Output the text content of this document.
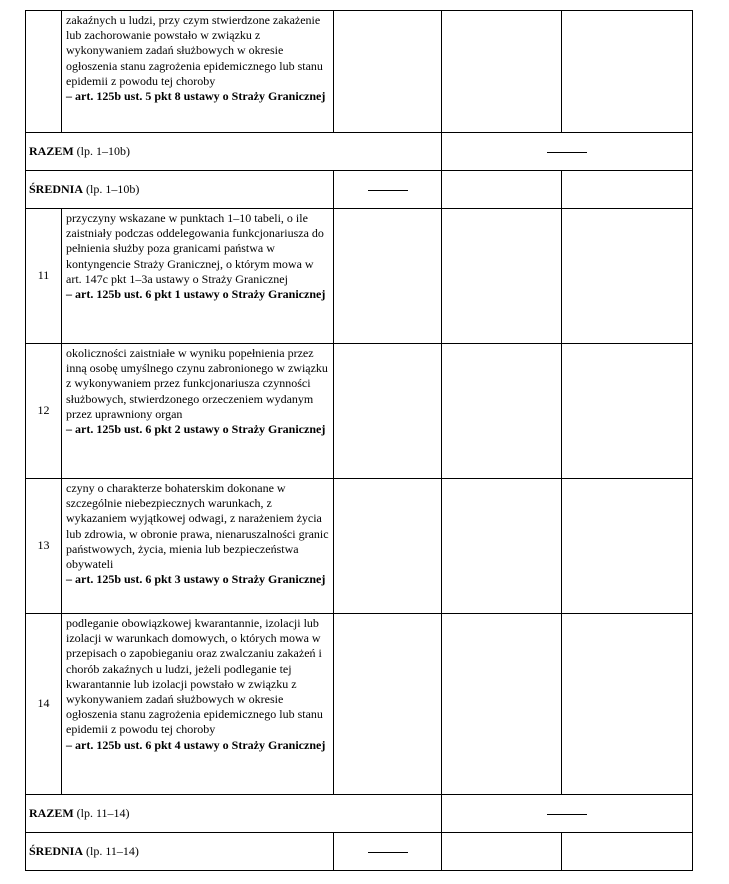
	zakaźnych u ludzi, przy czym stwierdzone zakażenie lub zachorowanie powstało w związku z wykonywaniem zadań służbowych w okresie ogłoszenia stanu zagrożenia epidemicznego lub stanu epidemii z powodu tej choroby
– art. 125b ust. 5 pkt 8 ustawy o Straży Granicznej			

RAZEM (lp. 1–10b)				
ŚREDNIA (lp. 1–10b)				
11	przyczyny wskazane w punktach 1–10 tabeli, o ile zaistniały podczas oddelegowania funkcjonariusza do pełnienia służby poza granicami państwa w kontyngencie Straży Granicznej, o którym mowa w art. 147c pkt 1–3a ustawy o Straży Granicznej
– art. 125b ust. 6 pkt 1 ustawy o Straży Granicznej			

12	okoliczności zaistniałe w wyniku popełnienia przez inną osobę umyślnego czynu zabronionego w związku z wykonywaniem przez funkcjonariusza czynności służbowych, stwierdzonego orzeczeniem wydanym przez uprawniony organ
– art. 125b ust. 6 pkt 2 ustawy o Straży Granicznej			

13	czyny o charakterze bohaterskim dokonane w szczególnie niebezpiecznych warunkach, z wykazaniem wyjątkowej odwagi, z narażeniem życia lub zdrowia, w obronie prawa, nienaruszalności granic państwowych, życia, mienia lub bezpieczeństwa obywateli
– art. 125b ust. 6 pkt 3 ustawy o Straży Granicznej			

14	podleganie obowiązkowej kwarantannie, izolacji lub izolacji w warunkach domowych, o których mowa w przepisach o zapobieganiu oraz zwalczaniu zakażeń i chorób zakaźnych u ludzi, jeżeli podleganie tej kwarantannie lub izolacji powstało w związku z wykonywaniem zadań służbowych w okresie ogłoszenia stanu zagrożenia epidemicznego lub stanu epidemii z powodu tej choroby
– art. 125b ust. 6 pkt 4 ustawy o Straży Granicznej			

RAZEM (lp. 11–14)				
ŚREDNIA (lp. 11–14)				
